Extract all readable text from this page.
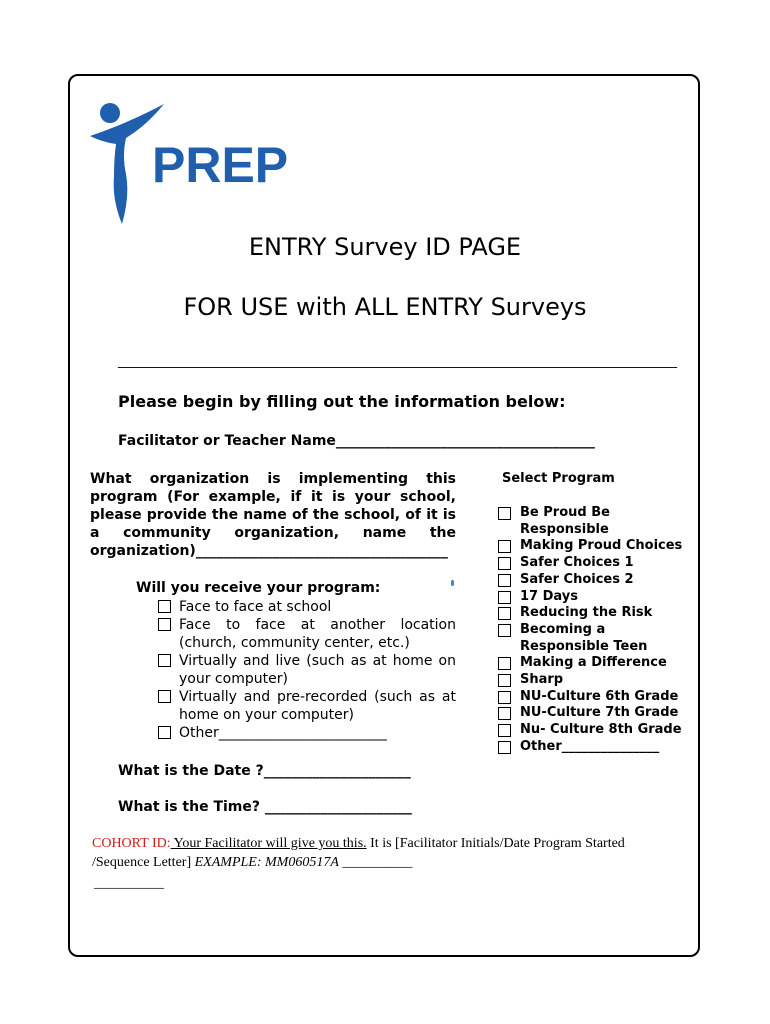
PREP
ENTRY Survey ID PAGE
FOR USE with ALL ENTRY Surveys
______________________________________________________________________________________
Please begin by filling out the information below:
Facilitator or Teacher Name_____________________________________
What organization is implementing this program (For example, if it is your school, please provide the name of the school, of it is a community organization, name the organization)____________________________________
Will you receive your program:
Face to face at school
Face to face at another location (church, community center, etc.)
Virtually and live (such as at home on your computer)
Virtually and pre-recorded (such as at home on your computer)
Other________________________
Select Program
Be Proud Be Responsible
Making Proud Choices
Safer Choices 1
Safer Choices 2
17 Days
Reducing the Risk
Becoming a Responsible Teen
Making a Difference
Sharp
NU-Culture 6th Grade
NU-Culture 7th Grade
Nu- Culture 8th Grade
Other_______________
What is the Date ?_____________________
What is the Time? _____________________
COHORT ID: Your Facilitator will give you this. It is [Facilitator Initials/Date Program Started /Sequence Letter] EXAMPLE: MM060517A __________
__________
